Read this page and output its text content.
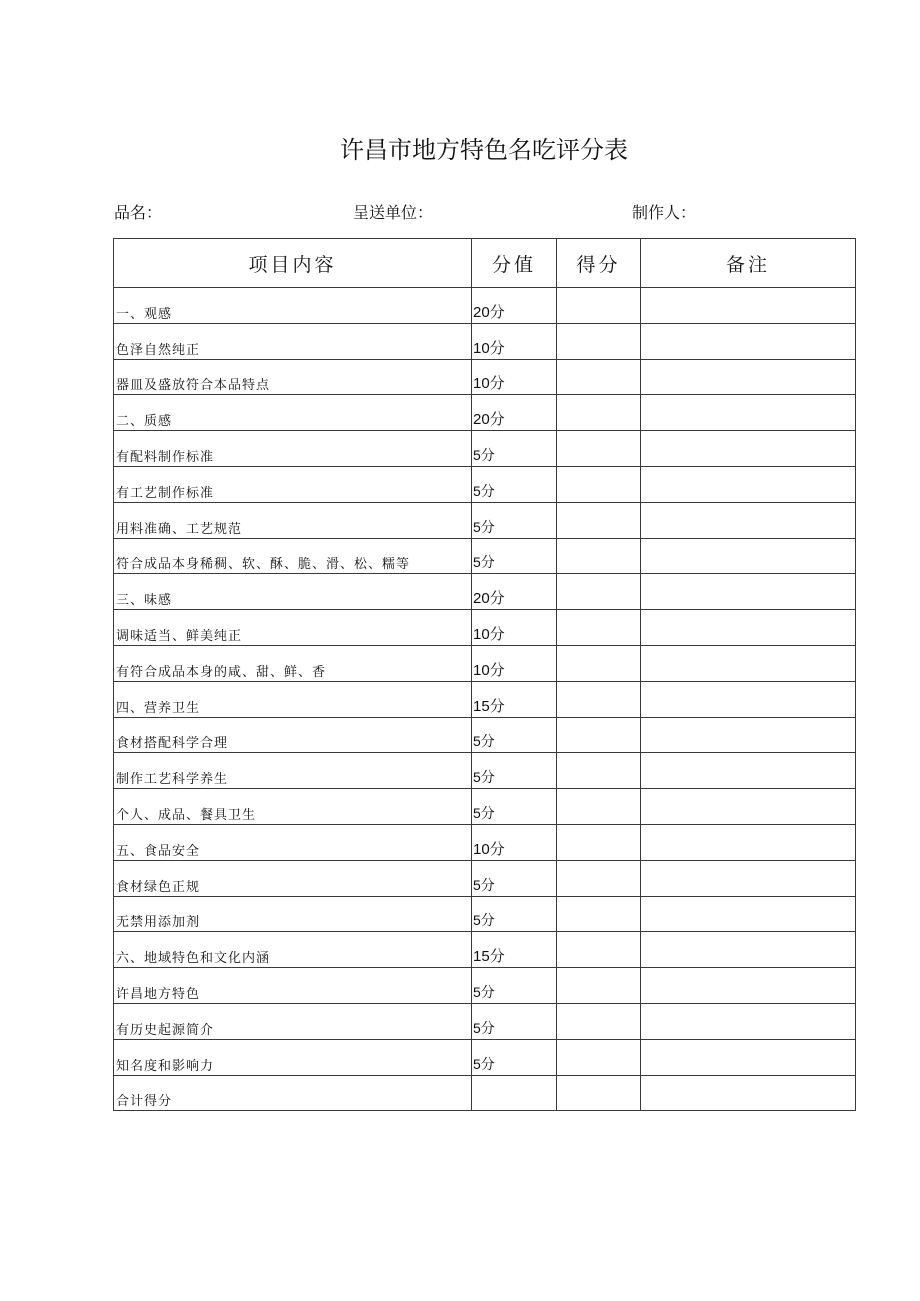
许昌市地方特色名吃评分表
品名：	呈送单位：	制作人：
项目内容	分值	得分	备注
一、观感	20分		
色泽自然纯正	10分		
器皿及盛放符合本品特点	10分		
二、质感	20分		
有配料制作标准	5分		
有工艺制作标准	5分		
用料准确、工艺规范	5分		
符合成品本身稀稠、软、酥、脆、滑、松、糯等	5分		
三、味感	20分		
调味适当、鲜美纯正	10分		
有符合成品本身的咸、甜、鲜、香	10分		
四、营养卫生	15分		
食材搭配科学合理	5分		
制作工艺科学养生	5分		
个人、成品、餐具卫生	5分		
五、食品安全	10分		
食材绿色正规	5分		
无禁用添加剂	5分		
六、地域特色和文化内涵	15分		
许昌地方特色	5分		
有历史起源简介	5分		
知名度和影响力	5分		
合计得分			
